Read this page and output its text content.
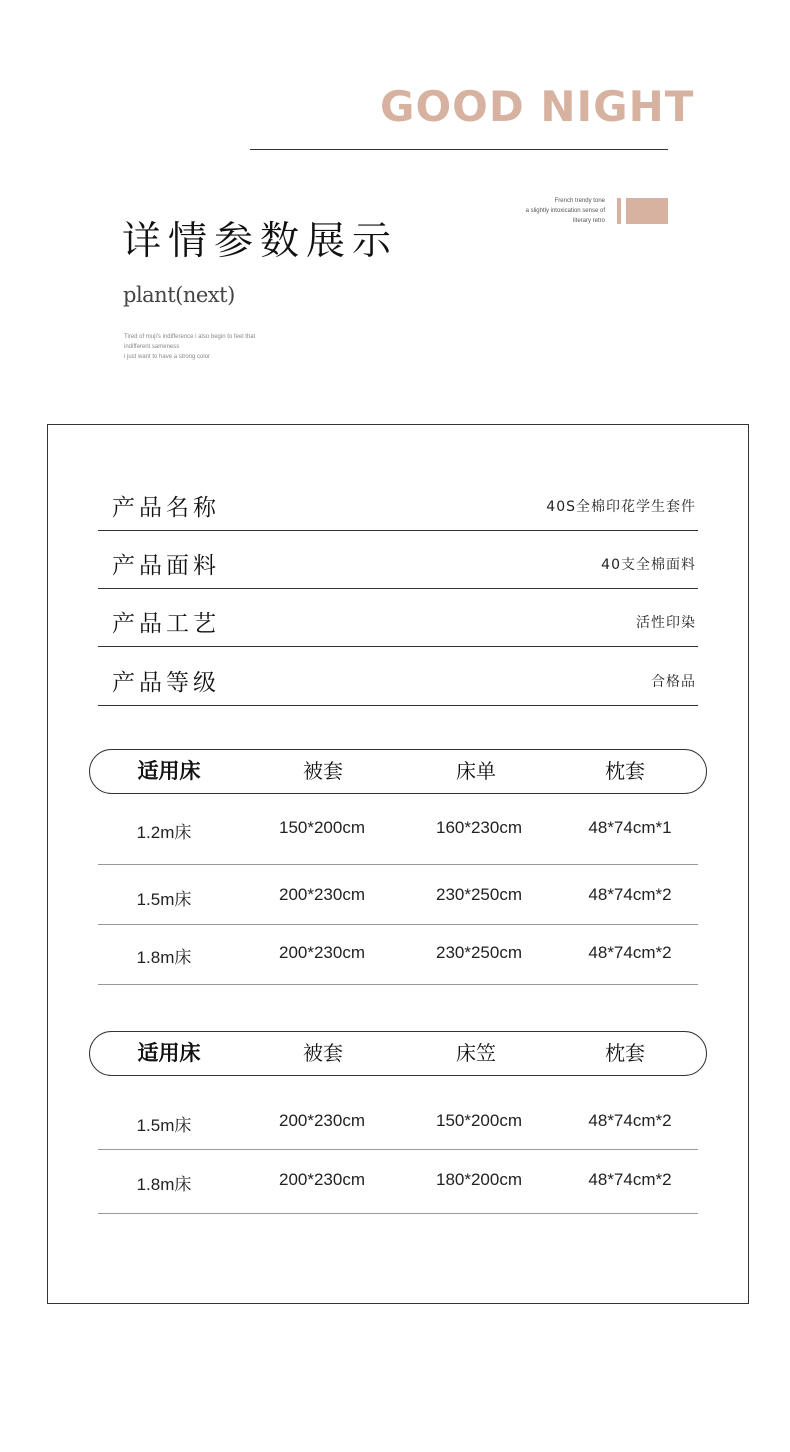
GOOD NIGHT
French trendy tone
a slightly intoxication sense of
literary retro
详情参数展示
plant(next)
Tired of muji's indifference i also begin to feel that
indifferent sameness
i just want to have a strong color
产品名称	40S全棉印花学生套件
产品面料	40支全棉面料
产品工艺	活性印染
产品等级	合格品
适用床	被套	床单	枕套
1.2m床	150*200cm	160*230cm	48*74cm*1
1.5m床	200*230cm	230*250cm	48*74cm*2
1.8m床	200*230cm	230*250cm	48*74cm*2
适用床	被套	床笠	枕套
1.5m床	200*230cm	150*200cm	48*74cm*2
1.8m床	200*230cm	180*200cm	48*74cm*2
